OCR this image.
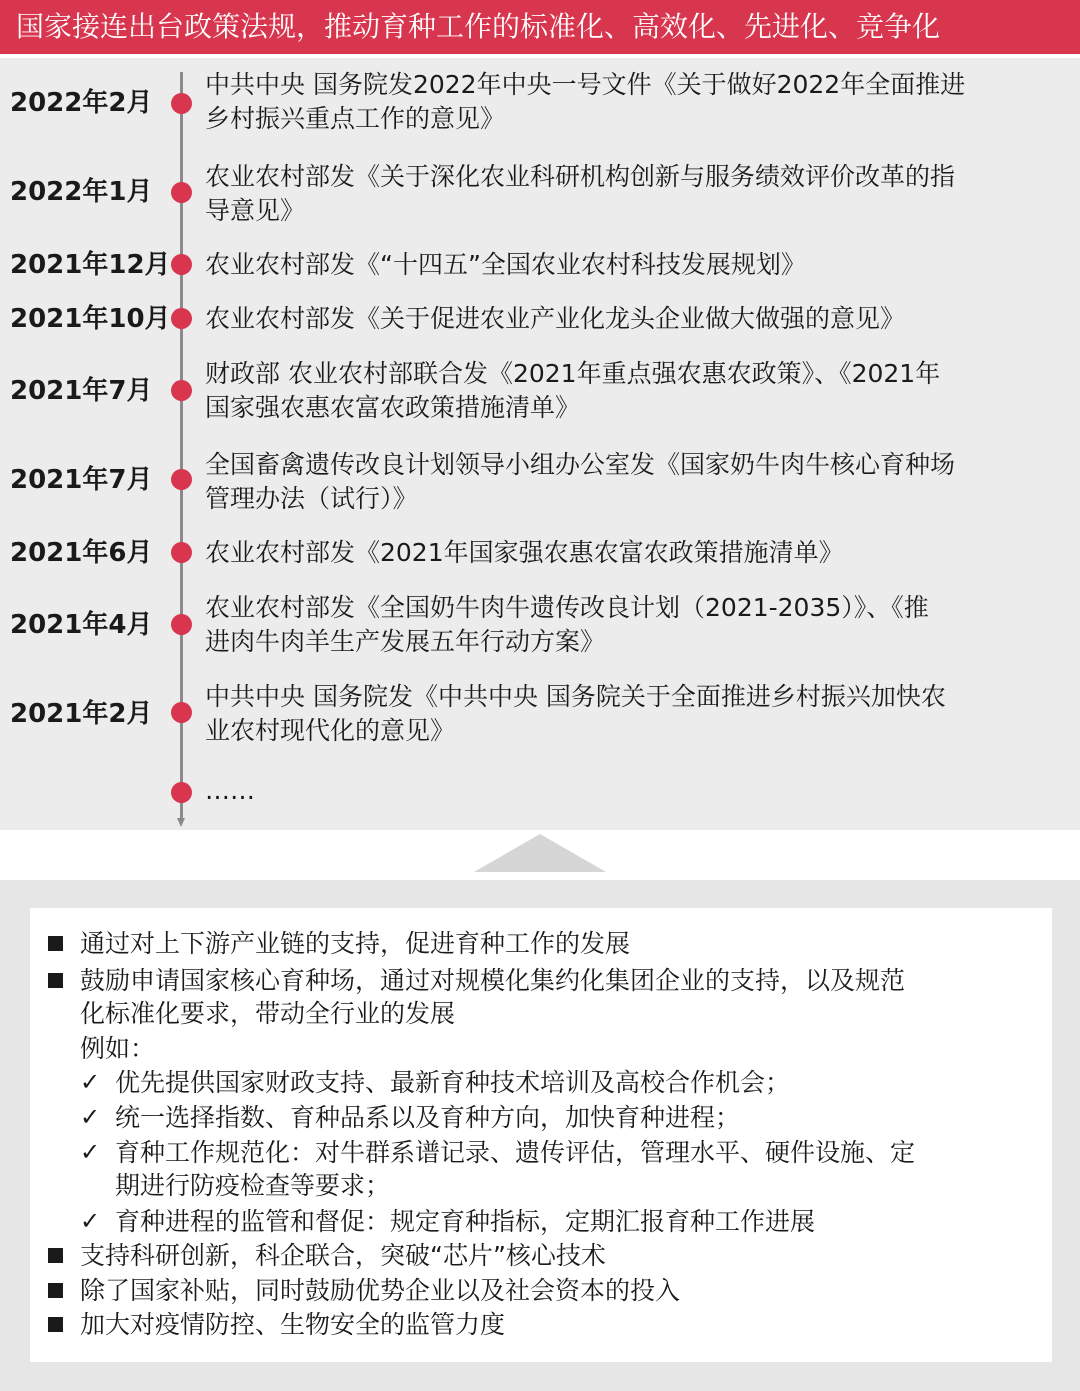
国家接连出台政策法规，推动育种工作的标准化、高效化、先进化、竞争化
2022年2月
中共中央 国务院发2022年中央一号文件《关于做好2022年全面推进
乡村振兴重点工作的意见》
2022年1月
农业农村部发《关于深化农业科研机构创新与服务绩效评价改革的指
导意见》
2021年12月 农业农村部发《“十四五”全国农业农村科技发展规划》
2021年10月 农业农村部发《关于促进农业产业化龙头企业做大做强的意见》
2021年7月
财政部 农业农村部联合发《2021年重点强农惠农政策》、《2021年
国家强农惠农富农政策措施清单》
2021年7月
全国畜禽遗传改良计划领导小组办公室发《国家奶牛肉牛核心育种场
管理办法（试行）》
2021年6月 农业农村部发《2021年国家强农惠农富农政策措施清单》
2021年4月
农业农村部发《全国奶牛肉牛遗传改良计划（2021-2035）》、《推
进肉牛肉羊生产发展五年行动方案》
2021年2月
中共中央 国务院发《中共中央 国务院关于全面推进乡村振兴加快农
业农村现代化的意见》
……
通过对上下游产业链的支持，促进育种工作的发展
鼓励申请国家核心育种场，通过对规模化集约化集团企业的支持，以及规范
化标准化要求，带动全行业的发展
例如：
✓ 优先提供国家财政支持、最新育种技术培训及高校合作机会；
✓ 统一选择指数、育种品系以及育种方向，加快育种进程；
✓ 育种工作规范化：对牛群系谱记录、遗传评估，管理水平、硬件设施、定
期进行防疫检查等要求；
✓ 育种进程的监管和督促：规定育种指标，定期汇报育种工作进展
支持科研创新，科企联合，突破“芯片”核心技术
除了国家补贴，同时鼓励优势企业以及社会资本的投入
加大对疫情防控、生物安全的监管力度
